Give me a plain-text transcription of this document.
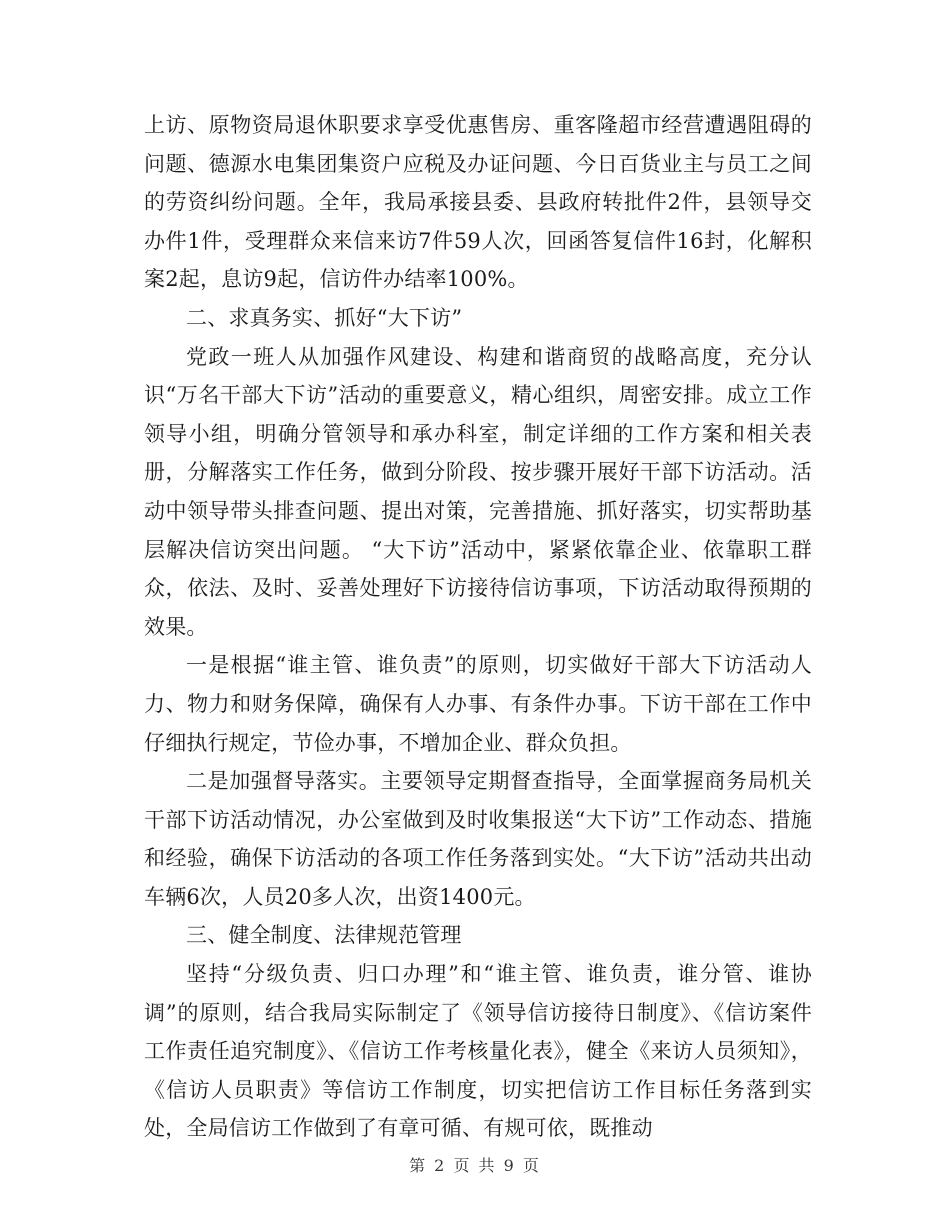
上访、原物资局退休职要求享受优惠售房、重客隆超市经营遭遇阻碍的问题、德源水电集团集资户应税及办证问题、今日百货业主与员工之间的劳资纠纷问题。全年，我局承接县委、县政府转批件2件，县领导交办件1件，受理群众来信来访7件59人次，回函答复信件16封，化解积案2起，息访9起，信访件办结率100%。

二、求真务实、抓好“大下访”

党政一班人从加强作风建设、构建和谐商贸的战略高度，充分认识“万名干部大下访”活动的重要意义，精心组织，周密安排。成立工作领导小组，明确分管领导和承办科室，制定详细的工作方案和相关表册，分解落实工作任务，做到分阶段、按步骤开展好干部下访活动。活动中领导带头排查问题、提出对策，完善措施、抓好落实，切实帮助基层解决信访突出问题。 “大下访”活动中，紧紧依靠企业、依靠职工群众，依法、及时、妥善处理好下访接待信访事项，下访活动取得预期的效果。

一是根据“谁主管、谁负责”的原则，切实做好干部大下访活动人力、物力和财务保障，确保有人办事、有条件办事。下访干部在工作中仔细执行规定，节俭办事，不增加企业、群众负担。

二是加强督导落实。主要领导定期督查指导，全面掌握商务局机关干部下访活动情况，办公室做到及时收集报送“大下访”工作动态、措施和经验，确保下访活动的各项工作任务落到实处。“大下访”活动共出动车辆6次，人员20多人次，出资1400元。

三、健全制度、法律规范管理

坚持“分级负责、归口办理”和“谁主管、谁负责，谁分管、谁协调”的原则，结合我局实际制定了《领导信访接待日制度》、《信访案件工作责任追究制度》、《信访工作考核量化表》，健全《来访人员须知》，《信访人员职责》等信访工作制度，切实把信访工作目标任务落到实处，全局信访工作做到了有章可循、有规可依，既推动

第 2 页 共 9 页
